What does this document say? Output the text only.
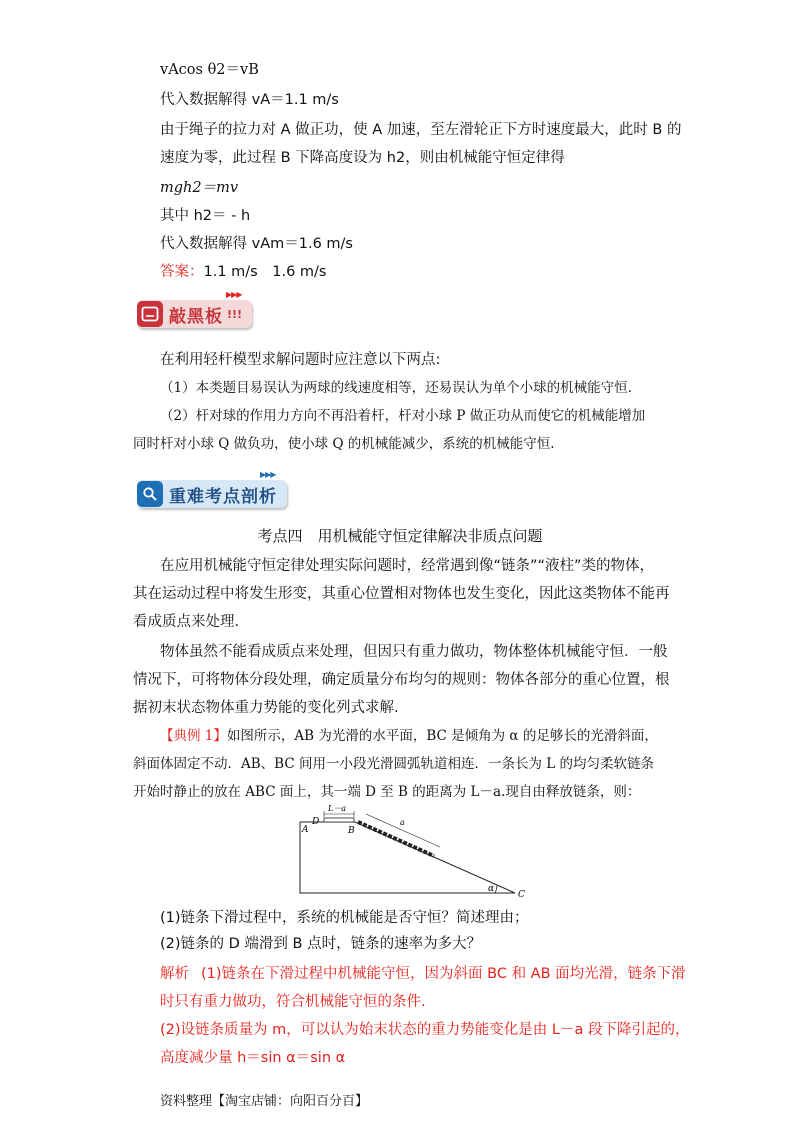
vAcos θ2＝vB
代入数据解得 vA＝1.1 m/s
由于绳子的拉力对 A 做正功，使 A 加速，至左滑轮正下方时速度最大，此时 B 的
速度为零，此过程 B 下降高度设为 h2，则由机械能守恒定律得
mgh2＝mv
其中 h2＝ - h
代入数据解得 vAm＝1.6 m/s
答案：1.1 m/s　1.6 m/s
▶▶▶
敲黑板 !!!
在利用轻杆模型求解问题时应注意以下两点:
（1）本类题目易误认为两球的线速度相等，还易误认为单个小球的机械能守恒.
（2）杆对球的作用力方向不再沿着杆，杆对小球 P 做正功从而使它的机械能增加
同时杆对小球 Q 做负功，使小球 Q 的机械能减少，系统的机械能守恒.
▶▶▶
重难考点剖析
考点四　用机械能守恒定律解决非质点问题
在应用机械能守恒定律处理实际问题时，经常遇到像“链条”“液柱”类的物体，
其在运动过程中将发生形变，其重心位置相对物体也发生变化，因此这类物体不能再
看成质点来处理.
物体虽然不能看成质点来处理，但因只有重力做功，物体整体机械能守恒．一般
情况下，可将物体分段处理，确定质量分布均匀的规则：物体各部分的重心位置，根
据初末状态物体重力势能的变化列式求解.
【典例 1】如图所示，AB 为光滑的水平面，BC 是倾角为 α 的足够长的光滑斜面，
斜面体固定不动．AB、BC 间用一小段光滑圆弧轨道相连．一条长为 L 的均匀柔软链条
开始时静止的放在 ABC 面上，其一端 D 至 B 的距离为 L－a.现自由释放链条，则：
D
A	B
C
L－a
a
α
(1)链条下滑过程中，系统的机械能是否守恒？简述理由；
(2)链条的 D 端滑到 B 点时，链条的速率为多大？
解析 (1)链条在下滑过程中机械能守恒，因为斜面 BC 和 AB 面均光滑，链条下滑
时只有重力做功，符合机械能守恒的条件.
(2)设链条质量为 m，可以认为始末状态的重力势能变化是由 L－a 段下降引起的，
高度减少量 h＝sin α＝sin α
资料整理【淘宝店铺：向阳百分百】
